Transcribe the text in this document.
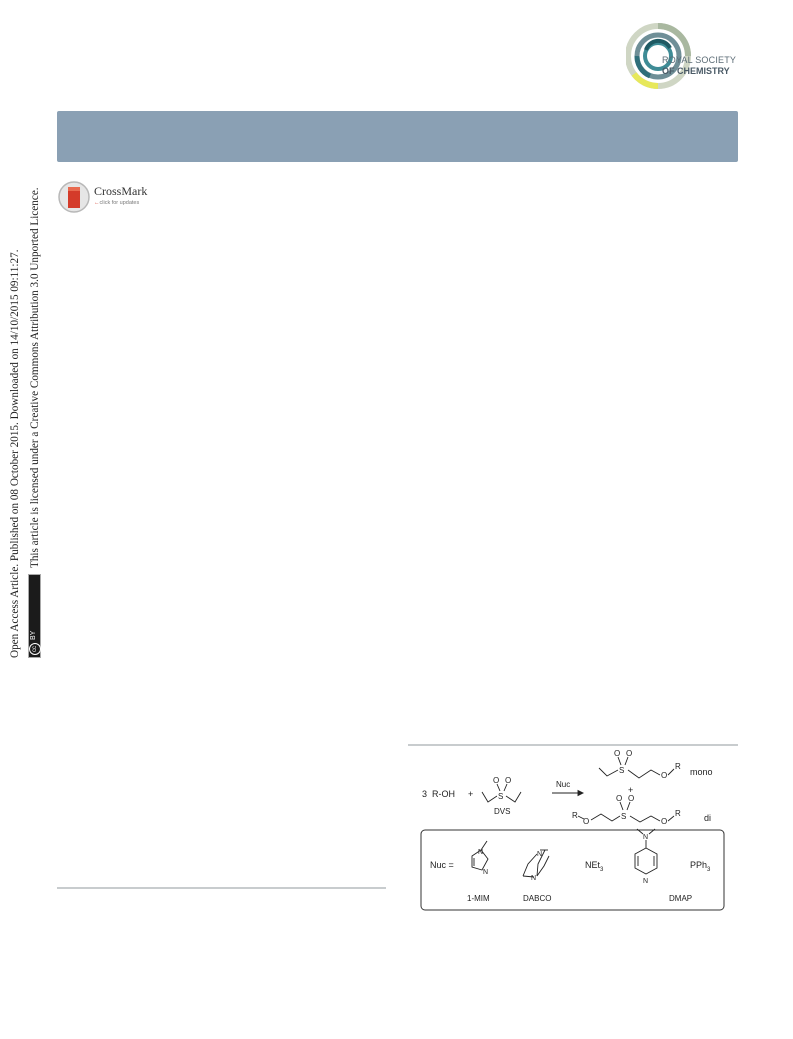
ROYAL SOCIETY
OF CHEMISTRY
CrossMark
←click for updates
Open Access Article. Published on 08 October 2015. Downloaded on 14/10/2015 09:11:27.	cc
BY
This article is licensed under a Creative Commons Attribution 3.0 Unported Licence.
3 R-OH +	S
O O
DVS
Nuc
S
O O
O
R
mono
+
R
O
S
O O
O
R	di
Nuc =
N
N
1-MIM
N
N
DABCO
NEt$_3$
N
N
DMAP
PPh$_3$
